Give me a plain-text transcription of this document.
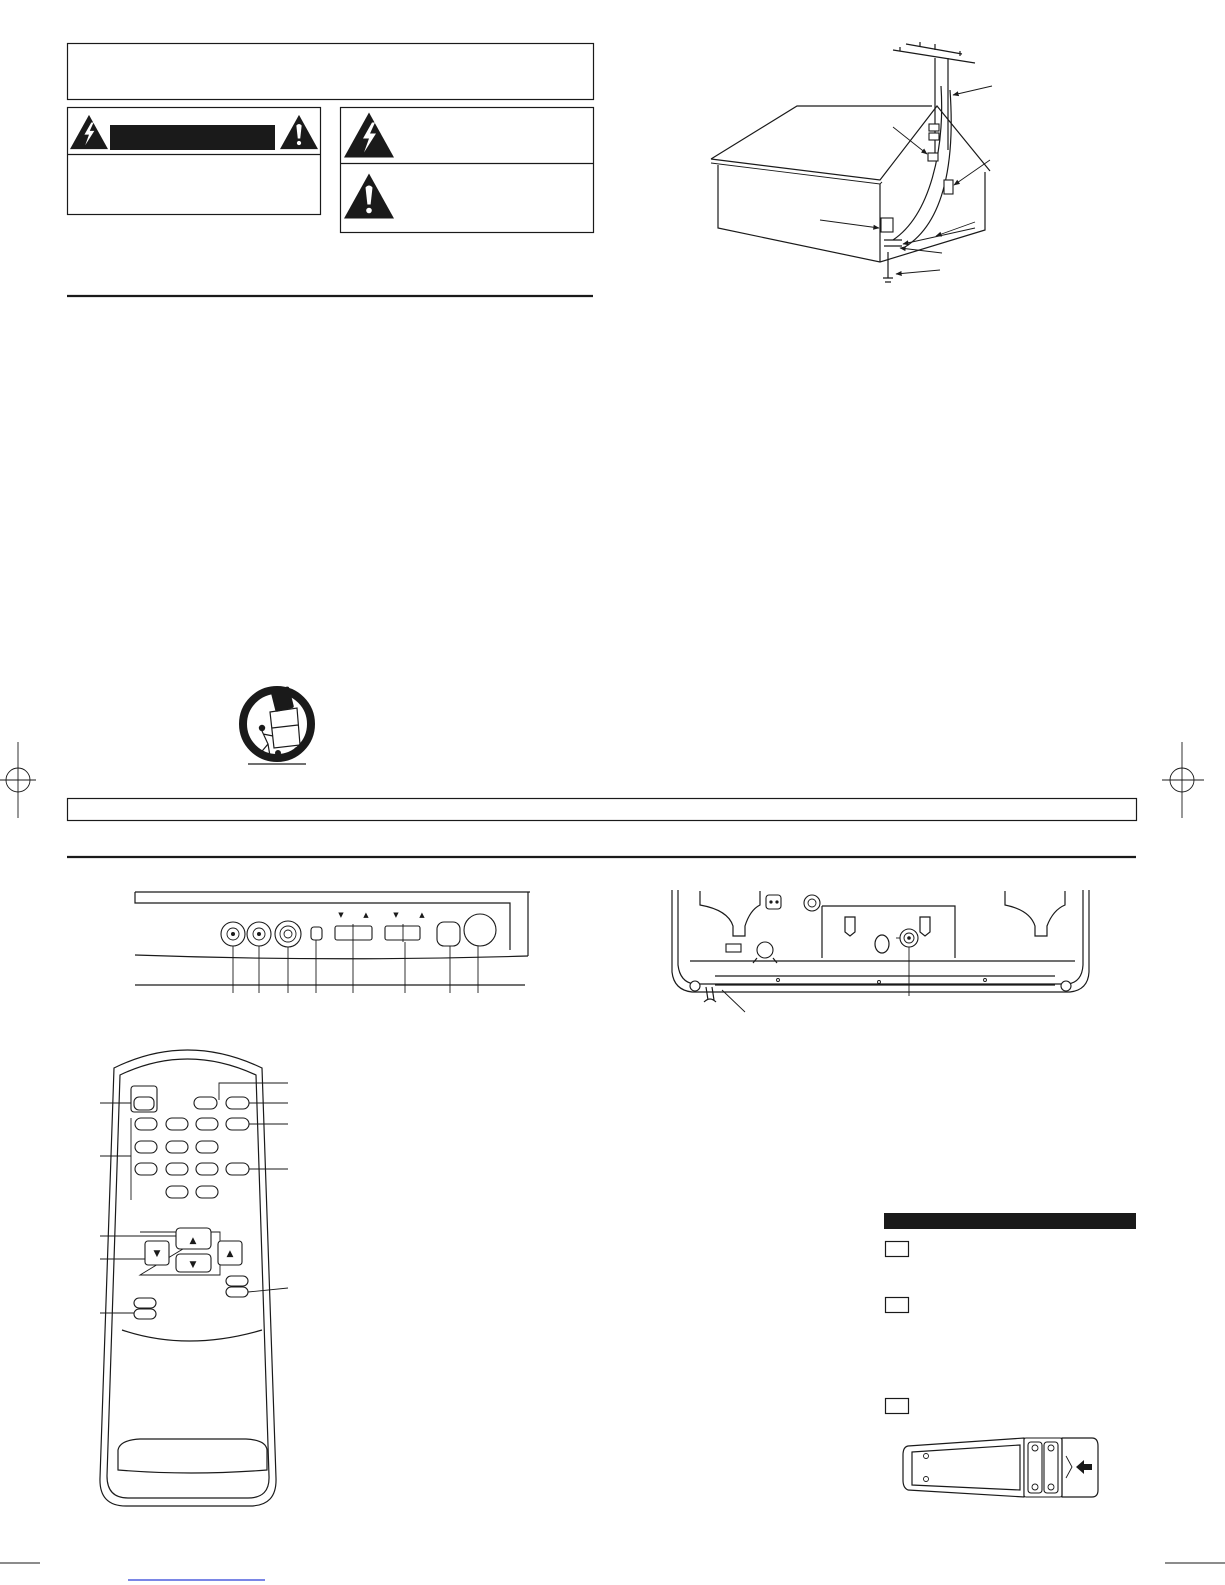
▼	▲	▼	▲
▲
▼
▼	▲
